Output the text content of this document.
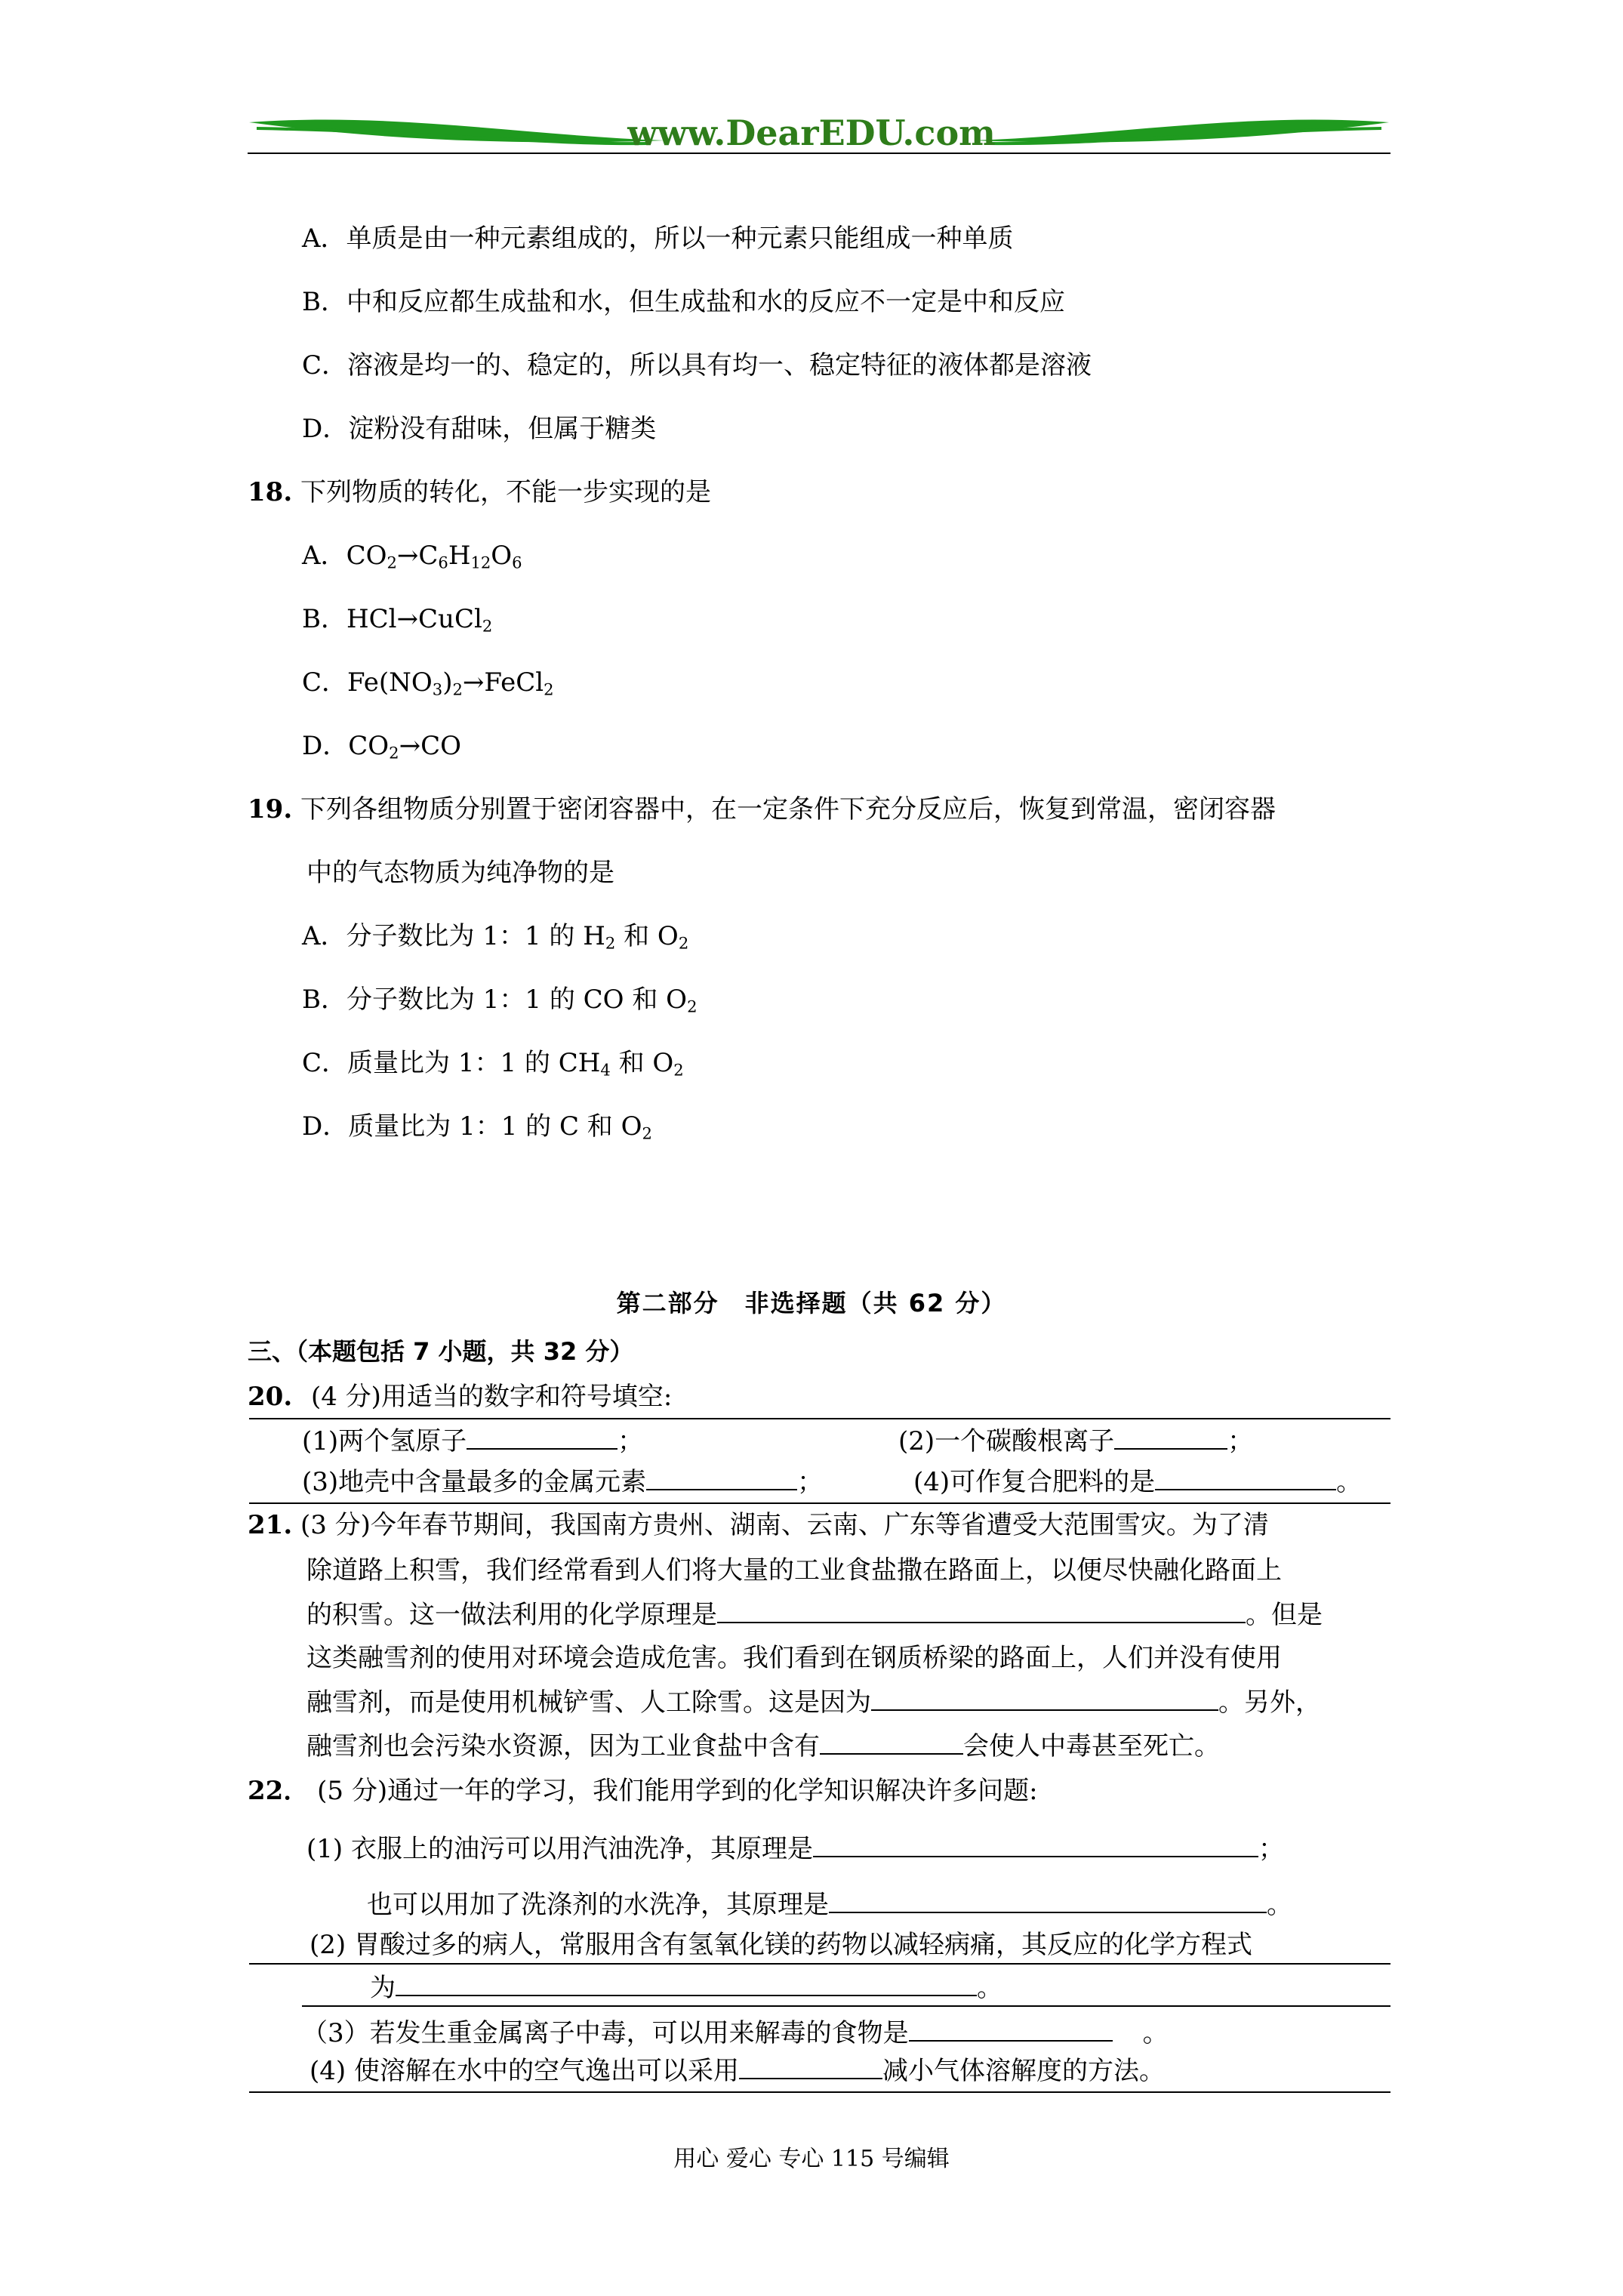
www.DearEDU.com
A．单质是由一种元素组成的，所以一种元素只能组成一种单质
B．中和反应都生成盐和水，但生成盐和水的反应不一定是中和反应
C．溶液是均一的、稳定的，所以具有均一、稳定特征的液体都是溶液
D．淀粉没有甜味，但属于糖类
18. 下列物质的转化，不能一步实现的是
A．$CO_2\to C_6H_{12}O_6$
B．HCl→CuCl$_2$
C．$Fe(NO_3)_2\to FeCl_2$
D．$CO_2\to CO$
19. 下列各组物质分别置于密闭容器中，在一定条件下充分反应后，恢复到常温，密闭容器
中的气态物质为纯净物的是
A．分子数比为 1：1 的 $H_2$ 和 $O_2$
B．分子数比为 1：1 的 CO 和 $O_2$
C．质量比为 1：1 的 $CH_4$ 和 $O_2$
D．质量比为 1：1 的 C 和 $O_2$
第二部分　非选择题（共 62 分）
三、（本题包括 7 小题，共 32 分）
20. (4 分)用适当的数字和符号填空:
(1)两个氢原子	；	(2)一个碳酸根离子	；
(3)地壳中含量最多的金属元素	；	(4)可作复合肥料的是	。
21. (3 分)今年春节期间，我国南方贵州、湖南、云南、广东等省遭受大范围雪灾。为了清
除道路上积雪，我们经常看到人们将大量的工业食盐撒在路面上，以便尽快融化路面上
的积雪。这一做法利用的化学原理是	。但是
这类融雪剂的使用对环境会造成危害。我们看到在钢质桥梁的路面上，人们并没有使用
融雪剂，而是使用机械铲雪、人工除雪。这是因为	。另外，
融雪剂也会污染水资源，因为工业食盐中含有	会使人中毒甚至死亡。
22． (5 分)通过一年的学习，我们能用学到的化学知识解决许多问题:
(1) 衣服上的油污可以用汽油洗净，其原理是	；
也可以用加了洗涤剂的水洗净，其原理是	。
(2) 胃酸过多的病人，常服用含有氢氧化镁的药物以减轻病痛，其反应的化学方程式
为	。
（3）若发生重金属离子中毒，可以用来解毒的食物是	。
(4) 使溶解在水中的空气逸出可以采用	减小气体溶解度的方法。
用心 爱心 专心 115 号编辑
